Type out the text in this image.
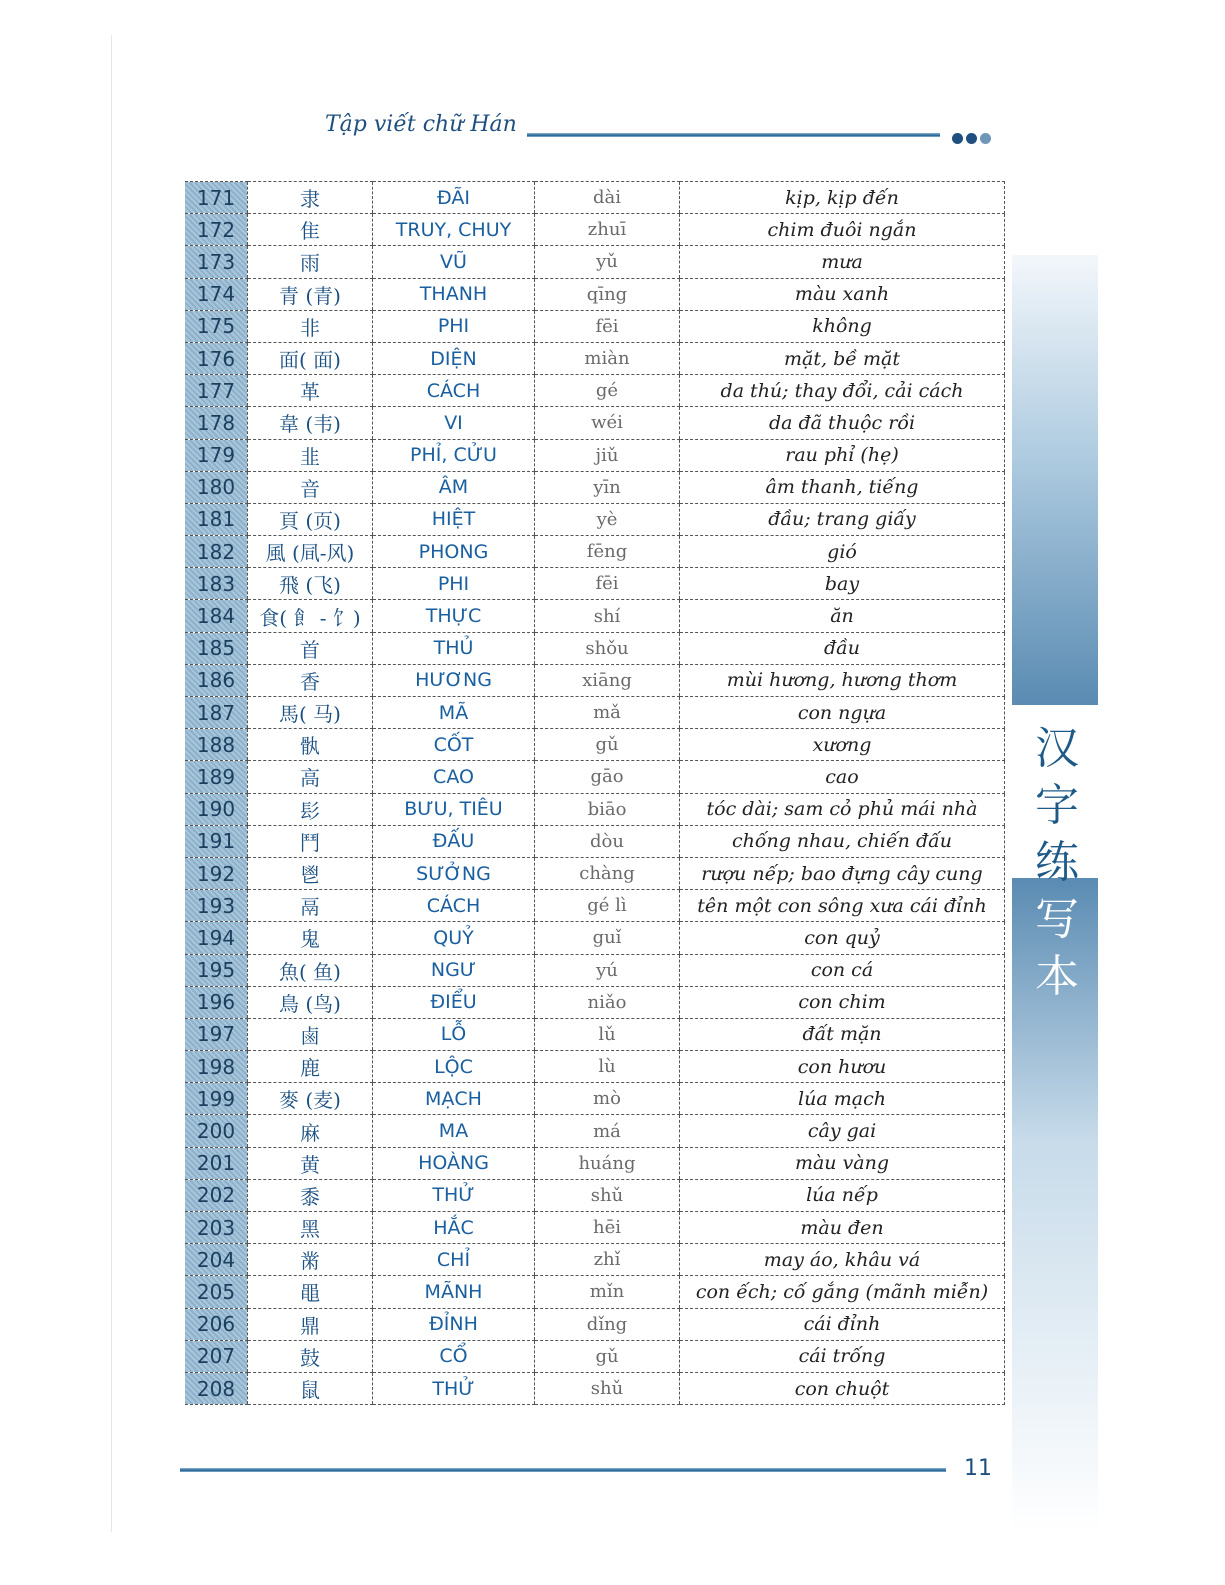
Tập viết chữ Hán
汉
字
练
写
本
171	隶	ĐÃI	dài	kịp, kịp đến
172	隹	TRUY, CHUY	zhuī	chim đuôi ngắn
173	雨	VŨ	yǔ	mưa
174	青 (青)	THANH	qīng	màu xanh
175	非	PHI	fēi	không
176	面( 面)	DIỆN	miàn	mặt, bề mặt
177	革	CÁCH	gé	da thú; thay đổi, cải cách
178	韋 (韦)	VI	wéi	da đã thuộc rồi
179	韭	PHỈ, CỬU	jiǔ	rau phỉ (hẹ)
180	音	ÂM	yīn	âm thanh, tiếng
181	頁 (页)	HIỆT	yè	đầu; trang giấy
182	風 (凬-风)	PHONG	fēng	gió
183	飛 (飞)	PHI	fēi	bay
184	食( 飠 - 饣)	THỰC	shí	ăn
185	首	THỦ	shǒu	đầu
186	香	HƯƠNG	xiāng	mùi hương, hương thơm
187	馬( 马)	MÃ	mǎ	con ngựa
188	骫	CỐT	gǔ	xương
189	高	CAO	gāo	cao
190	髟	BƯU, TIÊU	biāo	tóc dài; sam cỏ phủ mái nhà
191	鬥	ĐẤU	dòu	chống nhau, chiến đấu
192	鬯	SƯỞNG	chàng	rượu nếp; bao đựng cây cung
193	鬲	CÁCH	gé lì	tên một con sông xưa cái đỉnh
194	鬼	QUỶ	guǐ	con quỷ
195	魚( 鱼)	NGƯ	yú	con cá
196	鳥 (鸟)	ĐIỂU	niǎo	con chim
197	鹵	LỖ	lǔ	đất mặn
198	鹿	LỘC	lù	con hươu
199	麥 (麦)	MẠCH	mò	lúa mạch
200	麻	MA	má	cây gai
201	黄	HOÀNG	huáng	màu vàng
202	黍	THỬ	shǔ	lúa nếp
203	黑	HẮC	hēi	màu đen
204	黹	CHỈ	zhǐ	may áo, khâu vá
205	黽	MÃNH	mǐn	con ếch; cố gắng (mãnh miễn)
206	鼎	ĐỈNH	dǐng	cái đỉnh
207	鼓	CỔ	gǔ	cái trống
208	鼠	THỬ	shǔ	con chuột
11
